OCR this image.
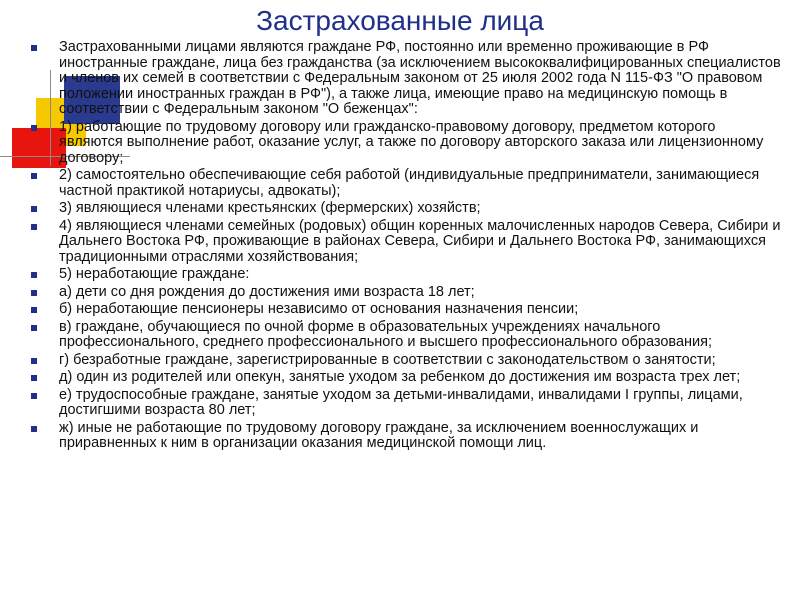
Застрахованные лица
Застрахованными лицами являются граждане РФ, постоянно или временно проживающие в РФ иностранные граждане, лица без гражданства (за исключением высококвалифицированных специалистов и членов их семей в соответствии с Федеральным законом от 25 июля 2002 года N 115-ФЗ "О правовом положении иностранных граждан в РФ"), а также лица, имеющие право на медицинскую помощь в соответствии с Федеральным законом "О беженцах":
1) работающие по трудовому договору или гражданско-правовому договору, предметом которого являются выполнение работ, оказание услуг, а также по договору авторского заказа или лицензионному договору;
2) самостоятельно обеспечивающие себя работой (индивидуальные предприниматели, занимающиеся частной практикой нотариусы, адвокаты);
3) являющиеся членами крестьянских (фермерских) хозяйств;
4) являющиеся членами семейных (родовых) общин коренных малочисленных народов Севера, Сибири и Дальнего Востока РФ, проживающие в районах Севера, Сибири и Дальнего Востока РФ, занимающихся традиционными отраслями хозяйствования;
5) неработающие граждане:
а) дети со дня рождения до достижения ими возраста 18 лет;
б) неработающие пенсионеры независимо от основания назначения пенсии;
в) граждане, обучающиеся по очной форме в образовательных учреждениях начального профессионального, среднего профессионального и высшего профессионального образования;
г) безработные граждане, зарегистрированные в соответствии с законодательством о занятости;
д) один из родителей или опекун, занятые уходом за ребенком до достижения им возраста трех лет;
е) трудоспособные граждане, занятые уходом за детьми-инвалидами, инвалидами I группы, лицами, достигшими возраста 80 лет;
ж) иные не работающие по трудовому договору граждане, за исключением военнослужащих и приравненных к ним в организации оказания медицинской помощи лиц.
